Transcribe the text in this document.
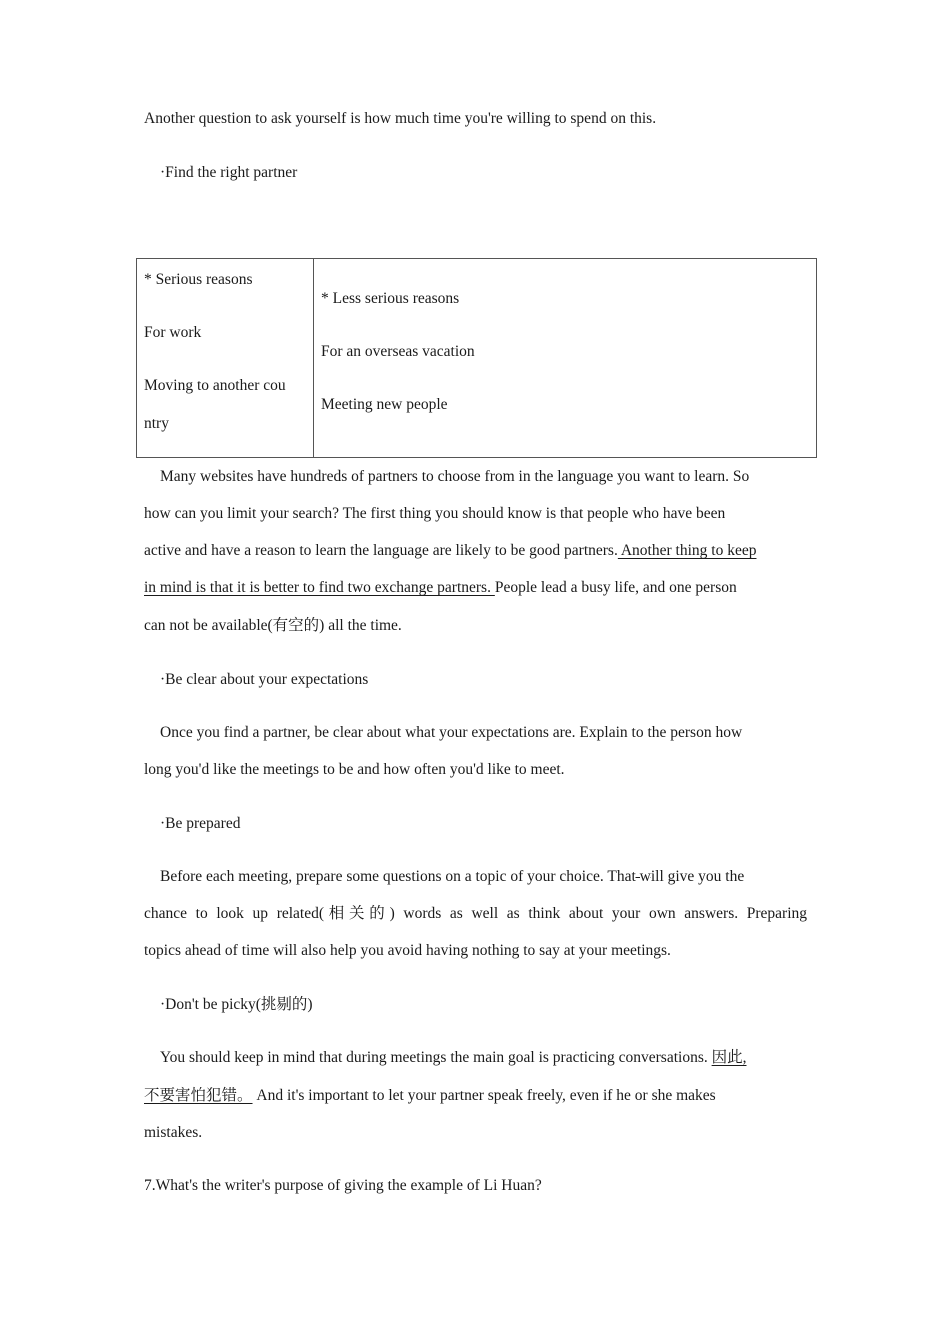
Another question to ask yourself is how much time you're willing to spend on this.
·Find the right partner
* Serious reasons
For work
Moving to another cou
ntry

* Less serious reasons
For an overseas vacation
Meeting new people
Many websites have hundreds of partners to choose from in the language you want to learn. So
how can you limit your search? The first thing you should know is that people who have been
active and have a reason to learn the language are likely to be good partners. Another thing to keep
in mind is that it is better to find two exchange partners. People lead a busy life, and one person
can not be available(有空的) all the time.
·Be clear about your expectations
Once you find a partner, be clear about what your expectations are. Explain to the person how
long you'd like the meetings to be and how often you'd like to meet.
·Be prepared
Before each meeting, prepare some questions on a topic of your choice. That will give you the
chance to look up related(相关的) words as well as think about your own answers. Preparing
topics ahead of time will also help you avoid having nothing to say at your meetings.
·Don't be picky(挑剔的)
You should keep in mind that during meetings the main goal is practicing conversations. 因此,
不要害怕犯错。 And it's important to let your partner speak freely, even if he or she makes
mistakes.
7.What's the writer's purpose of giving the example of Li Huan?
